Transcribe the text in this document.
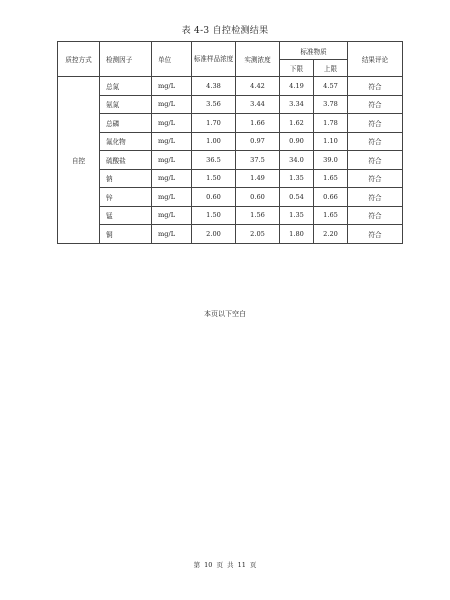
表 4-3 自控检测结果
质控方式	检测因子	单位	标准样品浓度	实测浓度	标准物质		结果评论
					下限	上限	
自控	总氮	mg/L	4.38	4.42	4.19	4.57	符合
	氨氮	mg/L	3.56	3.44	3.34	3.78	符合
	总磷	mg/L	1.70	1.66	1.62	1.78	符合
	氟化物	mg/L	1.00	0.97	0.90	1.10	符合
	硫酸盐	mg/L	36.5	37.5	34.0	39.0	符合
	钠	mg/L	1.50	1.49	1.35	1.65	符合
	锌	mg/L	0.60	0.60	0.54	0.66	符合
	锰	mg/L	1.50	1.56	1.35	1.65	符合
	铜	mg/L	2.00	2.05	1.80	2.20	符合
本页以下空白
第 10 页 共 11 页
